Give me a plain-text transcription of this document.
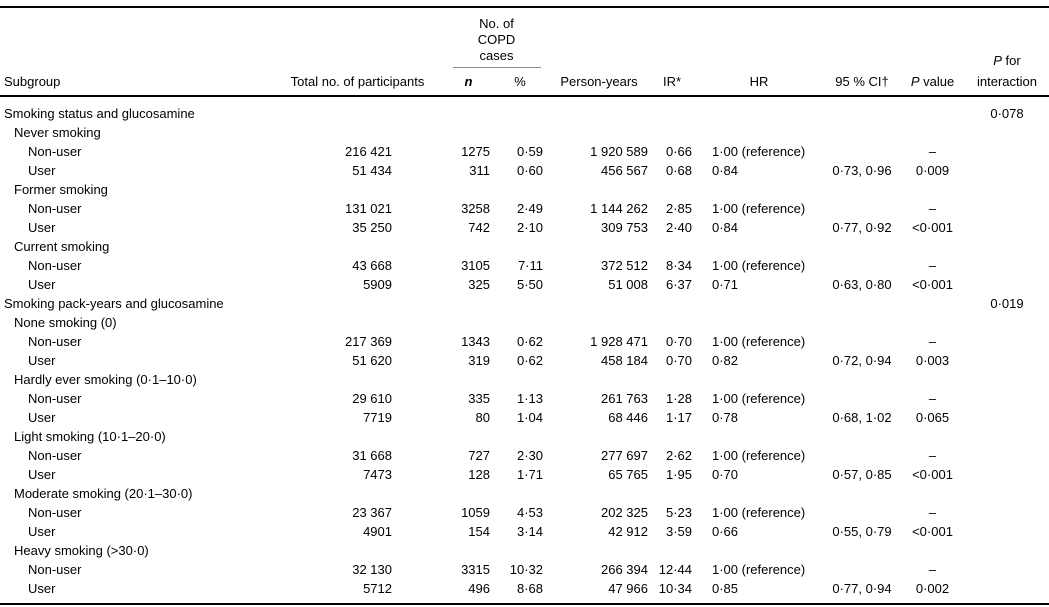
		No. of
COPD
cases							P for
Subgroup	Total no. of participants	n	%	Person-years	IR*	HR	95 % CI†	P value	interaction
Smoking status and glucosamine									0·078
Never smoking									
Non-user	216 421	1275	0·59	1 920 589	0·66	1·00 (reference)		–	
User	51 434	311	0·60	456 567	0·68	0·84	0·73, 0·96	0·009	
Former smoking									
Non-user	131 021	3258	2·49	1 144 262	2·85	1·00 (reference)		–	
User	35 250	742	2·10	309 753	2·40	0·84	0·77, 0·92	<0·001	
Current smoking									
Non-user	43 668	3105	7·11	372 512	8·34	1·00 (reference)		–	
User	5909	325	5·50	51 008	6·37	0·71	0·63, 0·80	<0·001	
Smoking pack-years and glucosamine									0·019
None smoking (0)									
Non-user	217 369	1343	0·62	1 928 471	0·70	1·00 (reference)		–	
User	51 620	319	0·62	458 184	0·70	0·82	0·72, 0·94	0·003	
Hardly ever smoking (0·1–10·0)									
Non-user	29 610	335	1·13	261 763	1·28	1·00 (reference)		–	
User	7719	80	1·04	68 446	1·17	0·78	0·68, 1·02	0·065	
Light smoking (10·1–20·0)									
Non-user	31 668	727	2·30	277 697	2·62	1·00 (reference)		–	
User	7473	128	1·71	65 765	1·95	0·70	0·57, 0·85	<0·001	
Moderate smoking (20·1–30·0)									
Non-user	23 367	1059	4·53	202 325	5·23	1·00 (reference)		–	
User	4901	154	3·14	42 912	3·59	0·66	0·55, 0·79	<0·001	
Heavy smoking (>30·0)									
Non-user	32 130	3315	10·32	266 394	12·44	1·00 (reference)		–	
User	5712	496	8·68	47 966	10·34	0·85	0·77, 0·94	0·002	
